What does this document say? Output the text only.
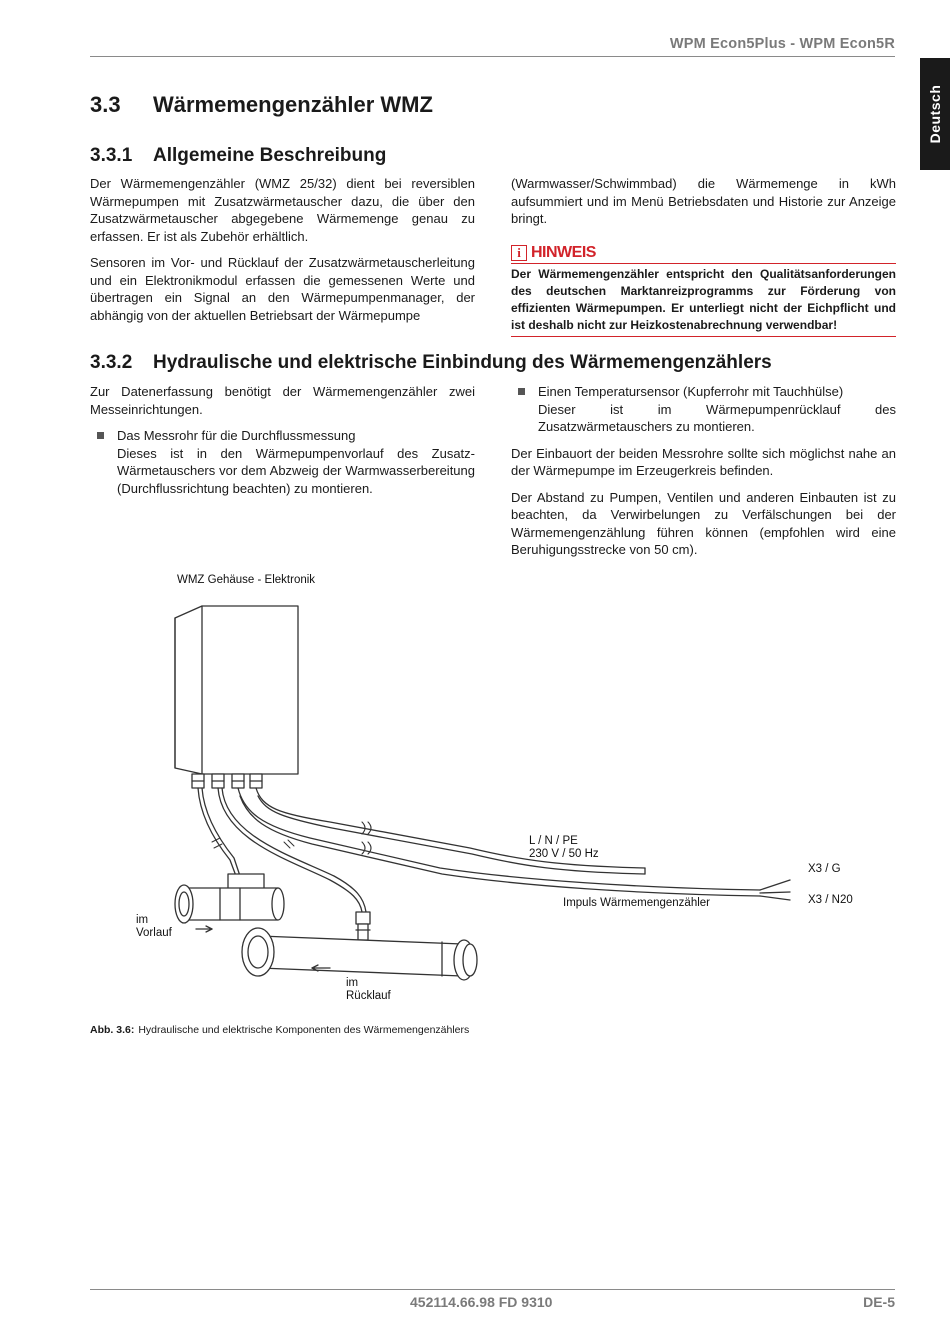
WPM Econ5Plus - WPM Econ5R
Deutsch
3.3 Wärmemengenzähler WMZ
3.3.1 Allgemeine Beschreibung

Der Wärmemengenzähler (WMZ 25/32) dient bei reversiblen Wärmepumpen mit Zusatzwärmetauscher dazu, die über den Zusatzwärmetauscher abgegebene Wärmemenge genau zu erfassen. Er ist als Zubehör erhältlich.

Sensoren im Vor- und Rücklauf der Zusatzwärmetauscherleitung und ein Elektronikmodul erfassen die gemessenen Werte und übertragen ein Signal an den Wärmepumpenmanager, der abhängig von der aktuellen Betriebsart der Wärmepumpe

(Warmwasser/Schwimmbad) die Wärmemenge in kWh aufsummiert und im Menü Betriebsdaten und Historie zur Anzeige bringt.

i HINWEIS
Der Wärmemengenzähler entspricht den Qualitätsanforderungen des deutschen Marktanreizprogramms zur Förderung von effizienten Wärmepumpen. Er unterliegt nicht der Eichpflicht und ist deshalb nicht zur Heizkostenabrechnung verwendbar!
3.3.2 Hydraulische und elektrische Einbindung des Wärmemengenzählers

Zur Datenerfassung benötigt der Wärmemengenzähler zwei Messeinrichtungen.

Das Messrohr für die Durchflussmessung
Dieses ist in den Wärmepumpenvorlauf des Zusatz-Wärmetauschers vor dem Abzweig der Warmwasserbereitung (Durchflussrichtung beachten) zu montieren.
Einen Temperatursensor (Kupferrohr mit Tauchhülse)
Dieser ist im Wärmepumpenrücklauf des Zusatzwärmetauschers zu montieren.

Der Einbauort der beiden Messrohre sollte sich möglichst nahe an der Wärmepumpe im Erzeugerkreis befinden.

Der Abstand zu Pumpen, Ventilen und anderen Einbauten ist zu beachten, da Verwirbelungen zu Verfälschungen bei der Wärmemengenzählung führen können (empfohlen wird eine Beruhigungsstrecke von 50 cm).

WMZ Gehäuse - Elektronik
L / N / PE
230 V / 50 Hz
X3 / G
X3 / N20
Impuls Wärmemengenzähler
im
Vorlauf
im
Rücklauf
Abb. 3.6: Hydraulische und elektrische Komponenten des Wärmemengenzählers
452114.66.98 FD 9310	DE-5
